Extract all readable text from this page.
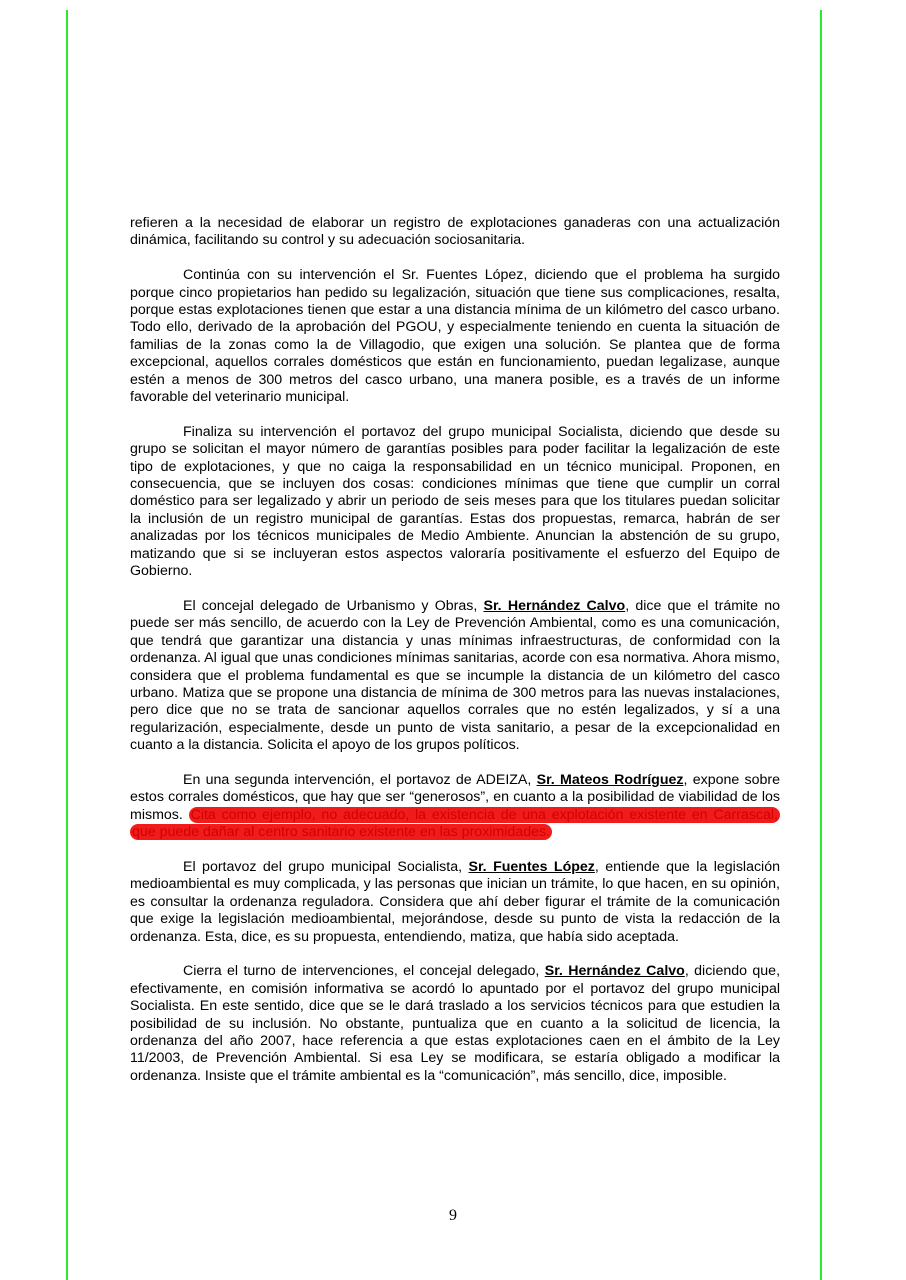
refieren a la necesidad de elaborar un registro de explotaciones ganaderas con una actualización dinámica, facilitando su control y su adecuación sociosanitaria.

Continúa con su intervención el Sr. Fuentes López, diciendo que el problema ha surgido porque cinco propietarios han pedido su legalización, situación que tiene sus complicaciones, resalta, porque estas explotaciones tienen que estar a una distancia mínima de un kilómetro del casco urbano. Todo ello, derivado de la aprobación del PGOU, y especialmente teniendo en cuenta la situación de familias de la zonas como la de Villagodio, que exigen una solución. Se plantea que de forma excepcional, aquellos corrales domésticos que están en funcionamiento, puedan legalizase, aunque estén a menos de 300 metros del casco urbano, una manera posible, es a través de un informe favorable del veterinario municipal.

Finaliza su intervención el portavoz del grupo municipal Socialista, diciendo que desde su grupo se solicitan el mayor número de garantías posibles para poder facilitar la legalización de este tipo de explotaciones, y que no caiga la responsabilidad en un técnico municipal. Proponen, en consecuencia, que se incluyen dos cosas: condiciones mínimas que tiene que cumplir un corral doméstico para ser legalizado y abrir un periodo de seis meses para que los titulares puedan solicitar la inclusión de un registro municipal de garantías. Estas dos propuestas, remarca, habrán de ser analizadas por los técnicos municipales de Medio Ambiente. Anuncian la abstención de su grupo, matizando que si se incluyeran estos aspectos valoraría positivamente el esfuerzo del Equipo de Gobierno.

El concejal delegado de Urbanismo y Obras, Sr. Hernández Calvo, dice que el trámite no puede ser más sencillo, de acuerdo con la Ley de Prevención Ambiental, como es una comunicación, que tendrá que garantizar una distancia y unas mínimas infraestructuras, de conformidad con la ordenanza. Al igual que unas condiciones mínimas sanitarias, acorde con esa normativa. Ahora mismo, considera que el problema fundamental es que se incumple la distancia de un kilómetro del casco urbano. Matiza que se propone una distancia de mínima de 300 metros para las nuevas instalaciones, pero dice que no se trata de sancionar aquellos corrales que no estén legalizados, y sí a una regularización, especialmente, desde un punto de vista sanitario, a pesar de la excepcionalidad en cuanto a la distancia. Solicita el apoyo de los grupos políticos.

En una segunda intervención, el portavoz de ADEIZA, Sr. Mateos Rodríguez, expone sobre estos corrales domésticos, que hay que ser “generosos”, en cuanto a la posibilidad de viabilidad de los mismos. Cita como ejemplo, no adecuado, la existencia de una explotación existente en Carrascal, que puede dañar al centro sanitario existente en las proximidades.

El portavoz del grupo municipal Socialista, Sr. Fuentes López, entiende que la legislación medioambiental es muy complicada, y las personas que inician un trámite, lo que hacen, en su opinión, es consultar la ordenanza reguladora. Considera que ahí deber figurar el trámite de la comunicación que exige la legislación medioambiental, mejorándose, desde su punto de vista la redacción de la ordenanza. Esta, dice, es su propuesta, entendiendo, matiza, que había sido aceptada.

Cierra el turno de intervenciones, el concejal delegado, Sr. Hernández Calvo, diciendo que, efectivamente, en comisión informativa se acordó lo apuntado por el portavoz del grupo municipal Socialista. En este sentido, dice que se le dará traslado a los servicios técnicos para que estudien la posibilidad de su inclusión. No obstante, puntualiza que en cuanto a la solicitud de licencia, la ordenanza del año 2007, hace referencia a que estas explotaciones caen en el ámbito de la Ley 11/2003, de Prevención Ambiental. Si esa Ley se modificara, se estaría obligado a modificar la ordenanza. Insiste que el trámite ambiental es la “comunicación”, más sencillo, dice, imposible.

9
